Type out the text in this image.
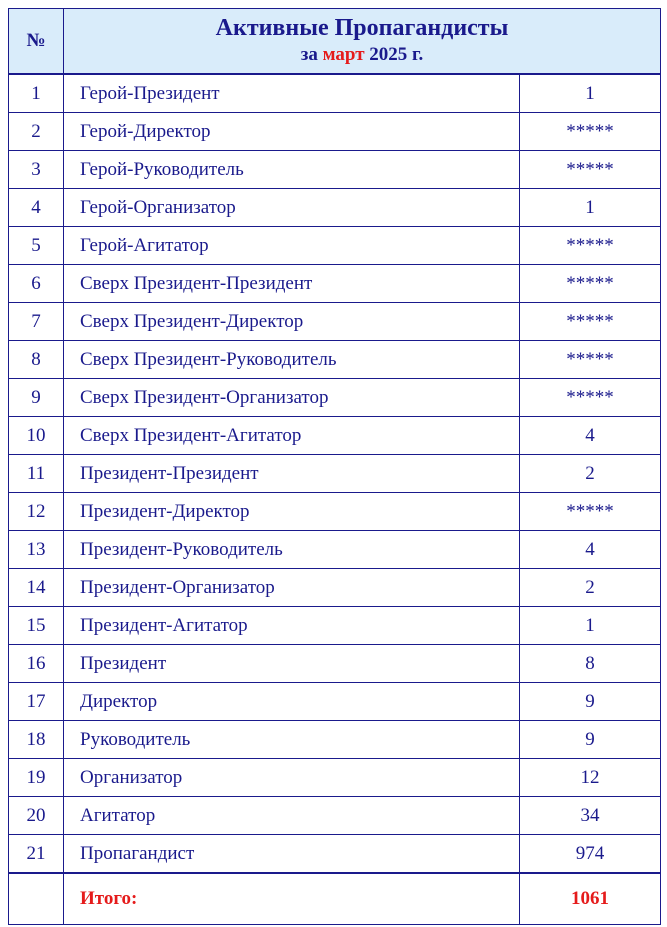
№	Активные Пропагандисты
за март 2025 г.	

1	Герой-Президент	1
2	Герой-Директор	*****
3	Герой-Руководитель	*****
4	Герой-Организатор	1
5	Герой-Агитатор	*****
6	Сверх Президент-Президент	*****
7	Сверх Президент-Директор	*****
8	Сверх Президент-Руководитель	*****
9	Сверх Президент-Организатор	*****
10	Сверх Президент-Агитатор	4
11	Президент-Президент	2
12	Президент-Директор	*****
13	Президент-Руководитель	4
14	Президент-Организатор	2
15	Президент-Агитатор	1
16	Президент	8
17	Директор	9
18	Руководитель	9
19	Организатор	12
20	Агитатор	34
21	Пропагандист	974
	Итого:	1061
